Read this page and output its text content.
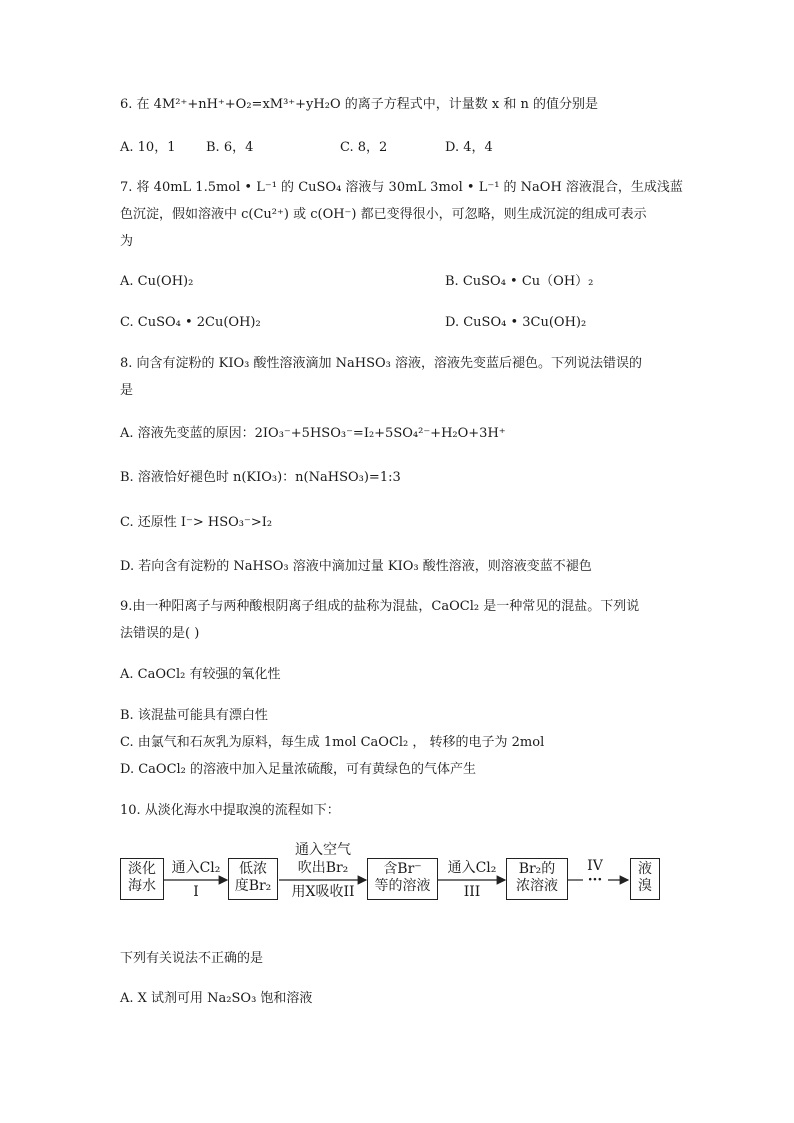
6. 在 4M²⁺+nH⁺+O₂=xM³⁺+yH₂O 的离子方程式中，计量数 x 和 n 的值分别是
A. 10，1 B. 6，4	C. 8，2	D. 4，4
7. 将 40mL 1.5mol • L⁻¹ 的 CuSO₄ 溶液与 30mL 3mol • L⁻¹ 的 NaOH 溶液混合，生成浅蓝
色沉淀，假如溶液中 c(Cu²⁺) 或 c(OH⁻) 都已变得很小，可忽略，则生成沉淀的组成可表示
为
A. Cu(OH)₂	B. CuSO₄ • Cu（OH）₂
C. CuSO₄ • 2Cu(OH)₂	D. CuSO₄ • 3Cu(OH)₂
8. 向含有淀粉的 KIO₃ 酸性溶液滴加 NaHSO₃ 溶液，溶液先变蓝后褪色。下列说法错误的
是
A. 溶液先变蓝的原因：2IO₃⁻+5HSO₃⁻=I₂+5SO₄²⁻+H₂O+3H⁺
B. 溶液恰好褪色时 n(KIO₃)：n(NaHSO₃)=1:3
C. 还原性 I⁻> HSO₃⁻>I₂
D. 若向含有淀粉的 NaHSO₃ 溶液中滴加过量 KIO₃ 酸性溶液，则溶液变蓝不褪色
9.由一种阳离子与两种酸根阴离子组成的盐称为混盐，CaOCl₂ 是一种常见的混盐。下列说
法错误的是( )
A. CaOCl₂ 有较强的氧化性
B. 该混盐可能具有漂白性
C. 由氯气和石灰乳为原料，每生成 1mol CaOCl₂ ， 转移的电子为 2mol
D. CaOCl₂ 的溶液中加入足量浓硫酸，可有黄绿色的气体产生
10. 从淡化海水中提取溴的流程如下：
淡化
海水
通入Cl₂
I
低浓
度Br₂
通入空气
吹出Br₂
用X吸收II
含Br⁻
等的溶液
通入Cl₂
III
Br₂的
浓溶液
IV
···
液
溴
下列有关说法不正确的是
A. X 试剂可用 Na₂SO₃ 饱和溶液
